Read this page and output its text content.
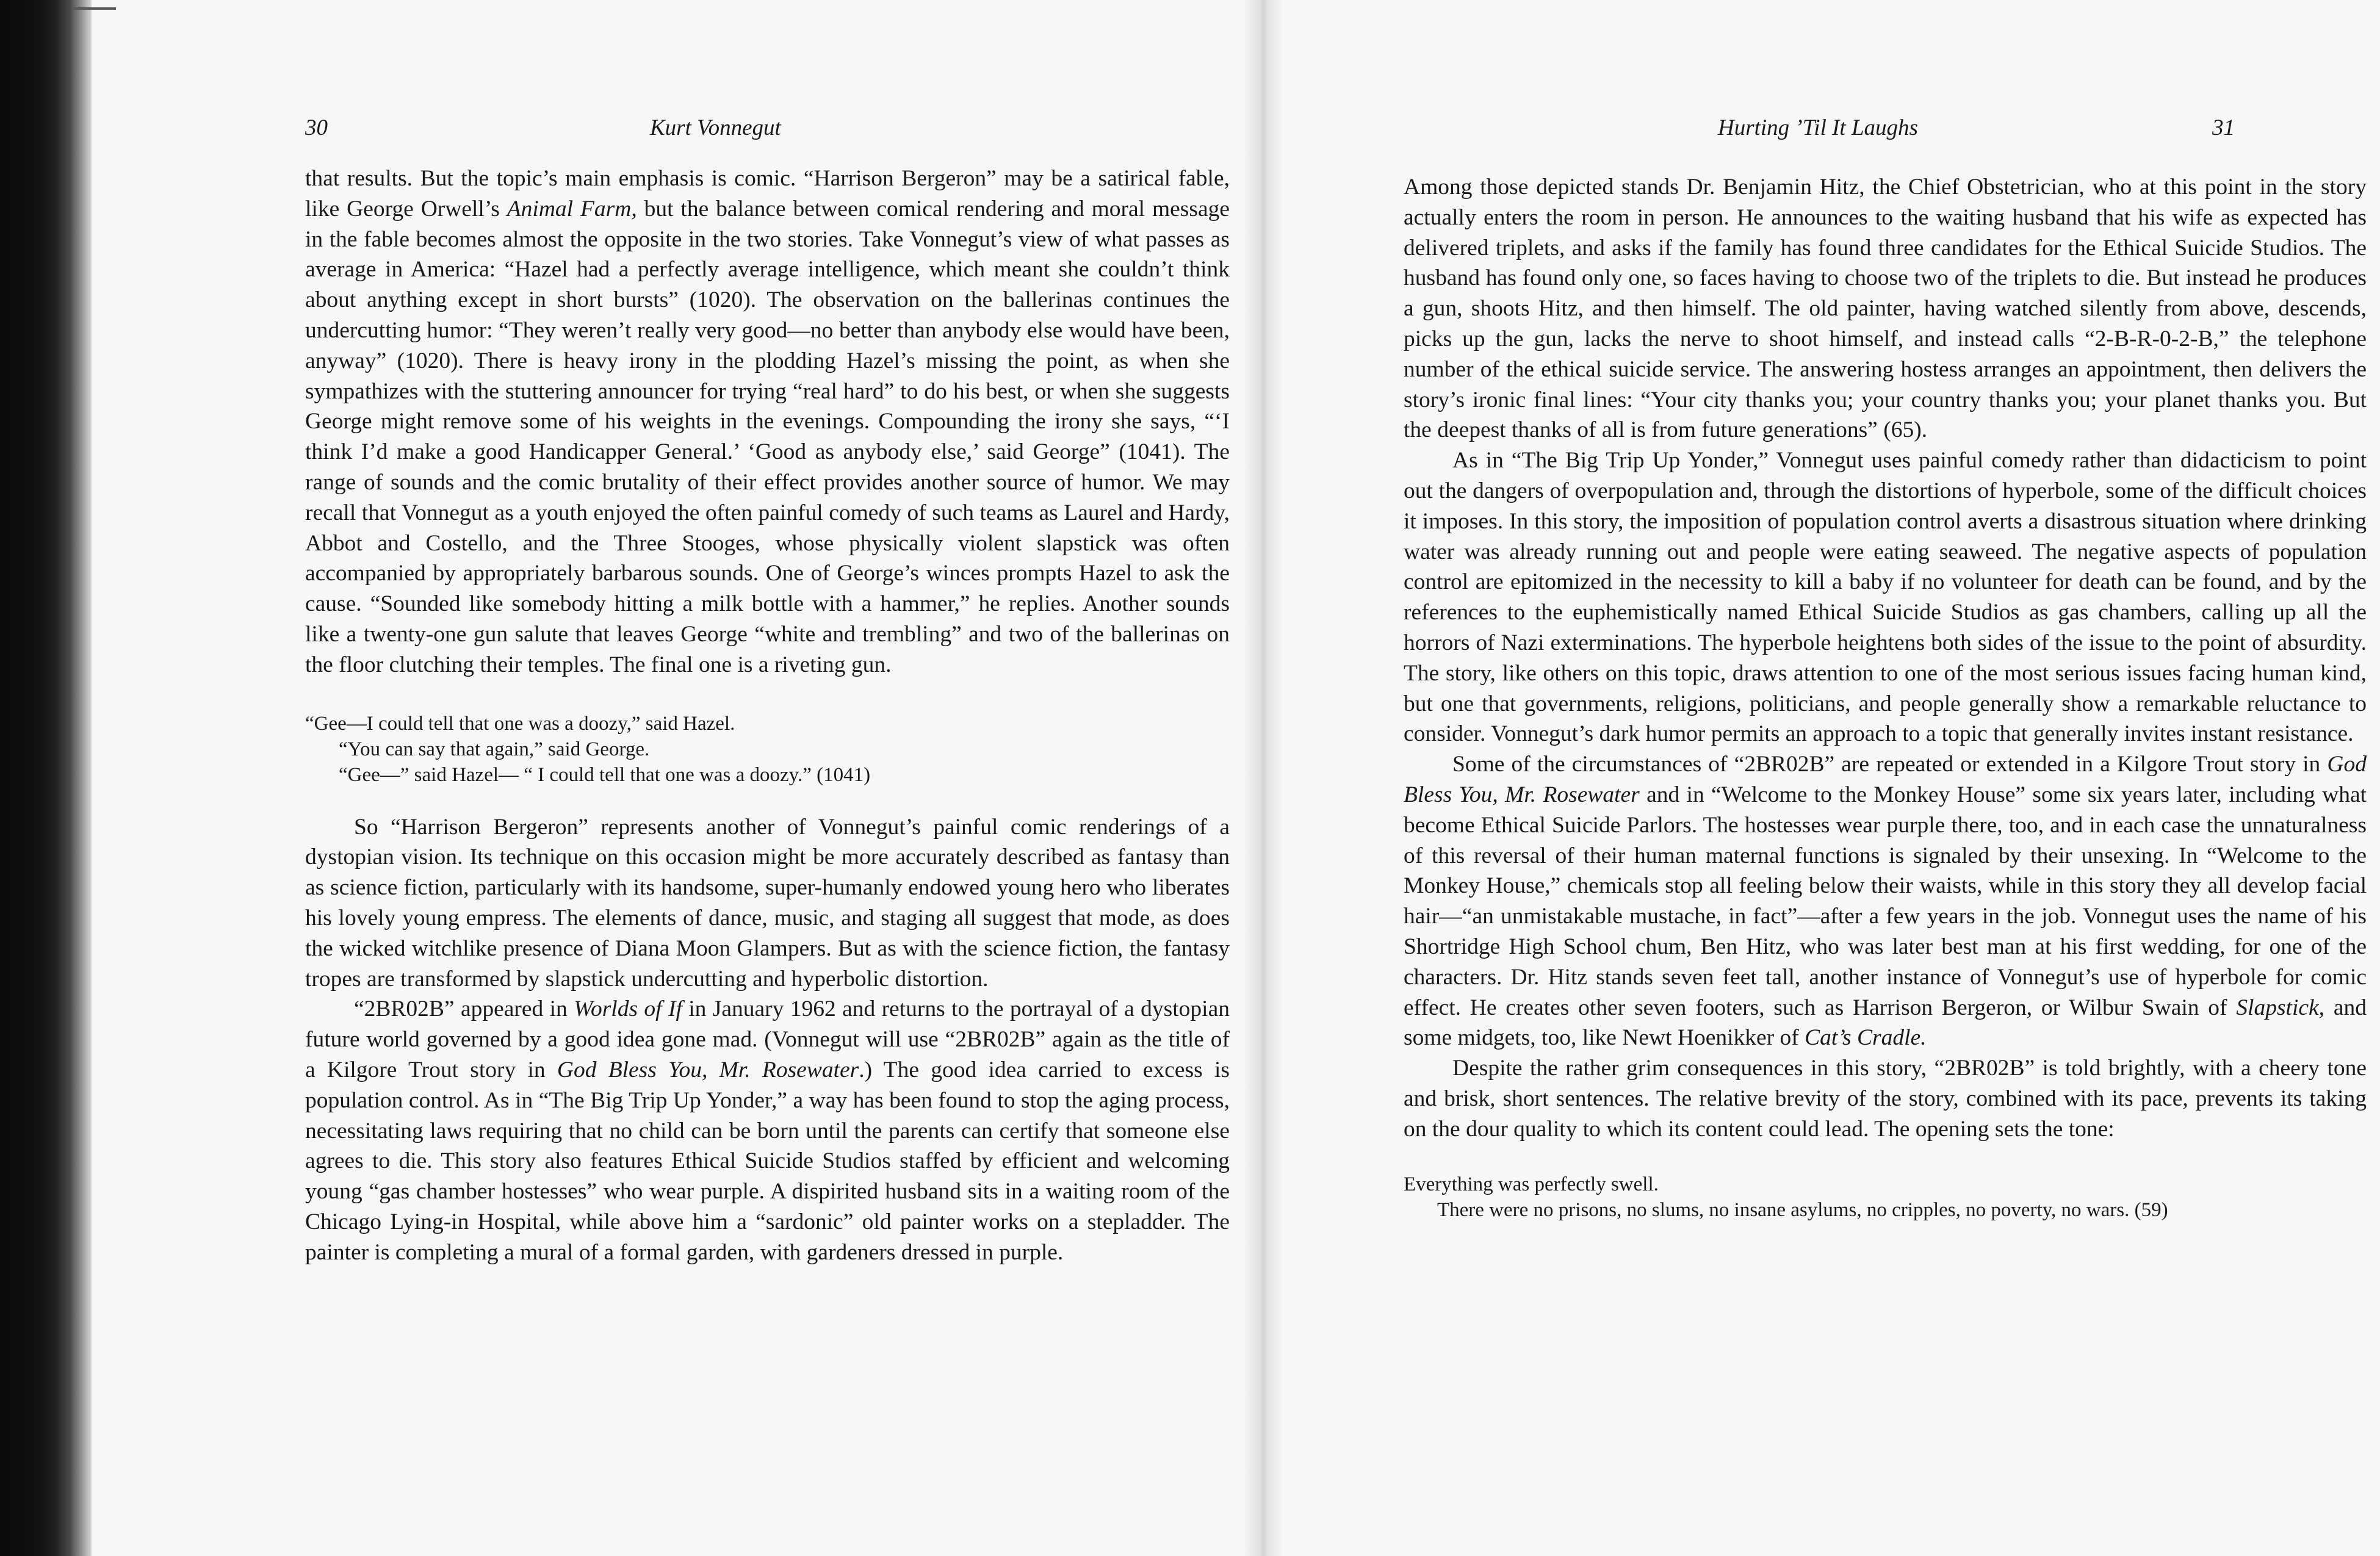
30	Kurt Vonnegut

that results. But the topic’s main emphasis is comic. “Harrison Bergeron” may be a satirical fable, like George Orwell’s Animal Farm, but the balance between comical rendering and moral message in the fable becomes almost the opposite in the two stories. Take Vonnegut’s view of what passes as average in America: “Hazel had a perfectly average intelligence, which meant she couldn’t think about anything except in short bursts” (1020). The observation on the ballerinas continues the undercutting humor: “They weren’t really very good—no better than anybody else would have been, anyway” (1020). There is heavy irony in the plodding Hazel’s missing the point, as when she sympathizes with the stuttering announcer for trying “real hard” to do his best, or when she suggests George might remove some of his weights in the evenings. Compounding the irony she says, “‘I think I’d make a good Handicapper General.’ ‘Good as anybody else,’ said George” (1041). The range of sounds and the comic brutality of their effect provides another source of humor. We may recall that Vonnegut as a youth enjoyed the often painful comedy of such teams as Laurel and Hardy, Abbot and Costello, and the Three Stooges, whose physically violent slapstick was often accompanied by appropriately barbarous sounds. One of George’s winces prompts Hazel to ask the cause. “Sounded like somebody hitting a milk bottle with a hammer,” he replies. Another sounds like a twenty-one gun salute that leaves George “white and trembling” and two of the ballerinas on the floor clutching their temples. The final one is a riveting gun.

“Gee—I could tell that one was a doozy,” said Hazel.

“You can say that again,” said George.

“Gee—” said Hazel— “ I could tell that one was a doozy.” (1041)

So “Harrison Bergeron” represents another of Vonnegut’s painful comic renderings of a dystopian vision. Its technique on this occasion might be more accurately described as fantasy than as science fiction, particularly with its handsome, super-humanly endowed young hero who liberates his lovely young empress. The elements of dance, music, and staging all suggest that mode, as does the wicked witchlike presence of Diana Moon Glampers. But as with the science fiction, the fantasy tropes are transformed by slapstick undercutting and hyperbolic distortion.

“2BR02B” appeared in Worlds of If in January 1962 and returns to the portrayal of a dystopian future world governed by a good idea gone mad. (Vonnegut will use “2BR02B” again as the title of a Kilgore Trout story in God Bless You, Mr. Rosewater.) The good idea carried to excess is population control. As in “The Big Trip Up Yonder,” a way has been found to stop the aging process, necessitating laws requiring that no child can be born until the parents can certify that someone else agrees to die. This story also features Ethical Suicide Studios staffed by efficient and welcoming young “gas chamber hostesses” who wear purple. A dispirited husband sits in a waiting room of the Chicago Lying-in Hospital, while above him a “sardonic” old painter works on a stepladder. The painter is completing a mural of a formal garden, with gardeners dressed in purple.

Hurting ’Til It Laughs	31

Among those depicted stands Dr. Benjamin Hitz, the Chief Obstetrician, who at this point in the story actually enters the room in person. He announces to the waiting husband that his wife as expected has delivered triplets, and asks if the family has found three candidates for the Ethical Suicide Studios. The husband has found only one, so faces having to choose two of the triplets to die. But instead he produces a gun, shoots Hitz, and then himself. The old painter, having watched silently from above, descends, picks up the gun, lacks the nerve to shoot himself, and instead calls “2-B-R-0-2-B,” the telephone number of the ethical suicide service. The answering hostess arranges an appointment, then delivers the story’s ironic final lines: “Your city thanks you; your country thanks you; your planet thanks you. But the deepest thanks of all is from future generations” (65).

As in “The Big Trip Up Yonder,” Vonnegut uses painful comedy rather than didacticism to point out the dangers of overpopulation and, through the distortions of hyperbole, some of the difficult choices it imposes. In this story, the imposition of population control averts a disastrous situation where drinking water was already running out and people were eating seaweed. The negative aspects of population control are epitomized in the necessity to kill a baby if no volunteer for death can be found, and by the references to the euphemistically named Ethical Suicide Studios as gas chambers, calling up all the horrors of Nazi exterminations. The hyperbole heightens both sides of the issue to the point of absurdity. The story, like others on this topic, draws attention to one of the most serious issues facing human kind, but one that governments, religions, politicians, and people generally show a remarkable reluctance to consider. Vonnegut’s dark humor permits an approach to a topic that generally invites instant resistance.

Some of the circumstances of “2BR02B” are repeated or extended in a Kilgore Trout story in God Bless You, Mr. Rosewater and in “Welcome to the Monkey House” some six years later, including what become Ethical Suicide Parlors. The hostesses wear purple there, too, and in each case the unnaturalness of this reversal of their human maternal functions is signaled by their unsexing. In “Welcome to the Monkey House,” chemicals stop all feeling below their waists, while in this story they all develop facial hair—“an unmistakable mustache, in fact”—after a few years in the job. Vonnegut uses the name of his Shortridge High School chum, Ben Hitz, who was later best man at his first wedding, for one of the characters. Dr. Hitz stands seven feet tall, another instance of Vonnegut’s use of hyperbole for comic effect. He creates other seven footers, such as Harrison Bergeron, or Wilbur Swain of Slapstick, and some midgets, too, like Newt Hoenikker of Cat’s Cradle.

Despite the rather grim consequences in this story, “2BR02B” is told brightly, with a cheery tone and brisk, short sentences. The relative brevity of the story, combined with its pace, prevents its taking on the dour quality to which its content could lead. The opening sets the tone:

Everything was perfectly swell.

There were no prisons, no slums, no insane asylums, no cripples, no poverty, no wars. (59)
